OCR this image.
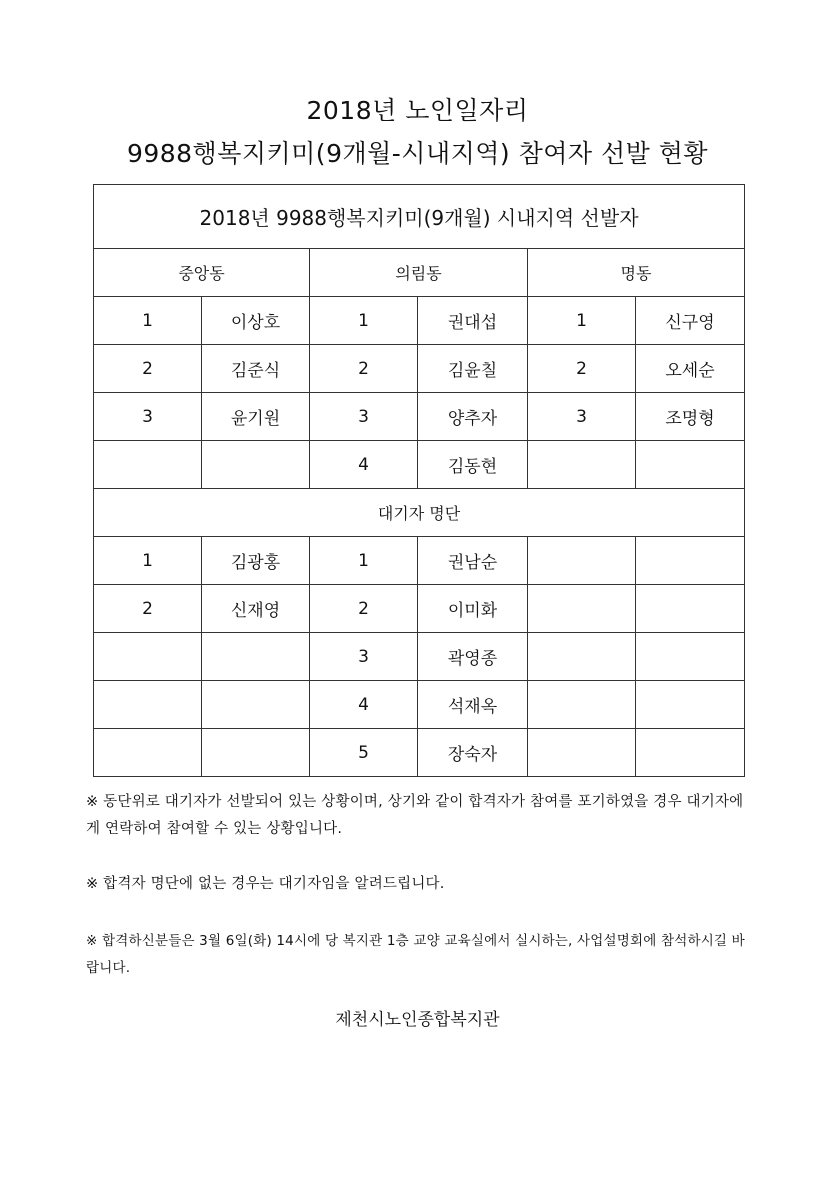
2018년 노인일자리
9988행복지키미(9개월-시내지역) 참여자 선발 현황
2018년 9988행복지키미(9개월) 시내지역 선발자					
중앙동		의림동		명동	
1	이상호	1	권대섭	1	신구영
2	김준식	2	김윤칠	2	오세순
3	윤기원	3	양추자	3	조명형
		4	김동현		
대기자 명단					
1	김광홍	1	권남순		
2	신재영	2	이미화		
		3	곽영종		
		4	석재옥		
		5	장숙자		
※ 동단위로 대기자가 선발되어 있는 상황이며, 상기와 같이 합격자가 참여를 포기하였을 경우 대기자에게 연락하여 참여할 수 있는 상황입니다.
※ 합격자 명단에 없는 경우는 대기자임을 알려드립니다.
※ 합격하신분들은 3월 6일(화) 14시에 당 복지관 1층 교양 교육실에서 실시하는, 사업설명회에 참석하시길 바랍니다.
제천시노인종합복지관
